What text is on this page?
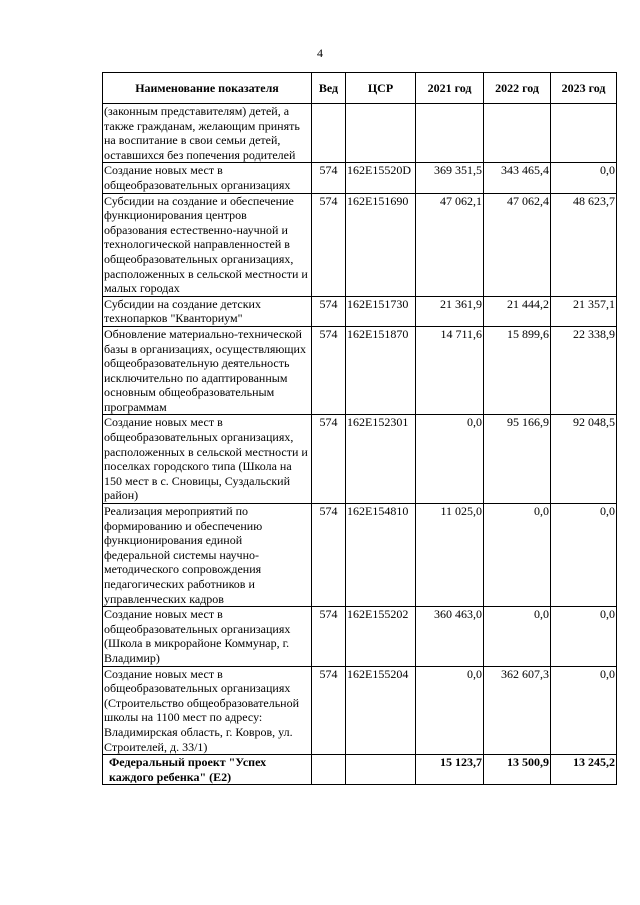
4
Наименование показателя	Вед	ЦСР	2021 год	2022 год	2023 год
(законным представителям) детей, а также гражданам, желающим принять на воспитание в свои семьи детей, оставшихся без попечения родителей					
Создание новых мест в общеобразовательных организациях	574	162E15520D	369 351,5	343 465,4	0,0
Субсидии на создание и обеспечение функционирования центров образования естественно-научной и технологической направленностей в общеобразовательных организациях, расположенных в сельской местности и малых городах	574	162E151690	47 062,1	47 062,4	48 623,7
Субсидии на создание детских технопарков "Кванториум"	574	162E151730	21 361,9	21 444,2	21 357,1
Обновление материально-технической базы в организациях, осуществляющих общеобразовательную деятельность исключительно по адаптированным основным общеобразовательным программам	574	162E151870	14 711,6	15 899,6	22 338,9
Создание новых мест в общеобразовательных организациях, расположенных в сельской местности и поселках городского типа (Школа на 150 мест в с. Сновицы, Суздальский район)	574	162E152301	0,0	95 166,9	92 048,5
Реализация мероприятий по формированию и обеспечению функционирования единой федеральной системы научно-методического сопровождения педагогических работников и управленческих кадров	574	162E154810	11 025,0	0,0	0,0
Создание новых мест в общеобразовательных организациях (Школа в микрорайоне Коммунар, г. Владимир)	574	162E155202	360 463,0	0,0	0,0
Создание новых мест в общеобразовательных организациях (Строительство общеобразовательной школы на 1100 мест по адресу: Владимирская область, г. Ковров, ул. Строителей, д. 33/1)	574	162E155204	0,0	362 607,3	0,0
Федеральный проект "Успех каждого ребенка" (E2)			15 123,7	13 500,9	13 245,2
